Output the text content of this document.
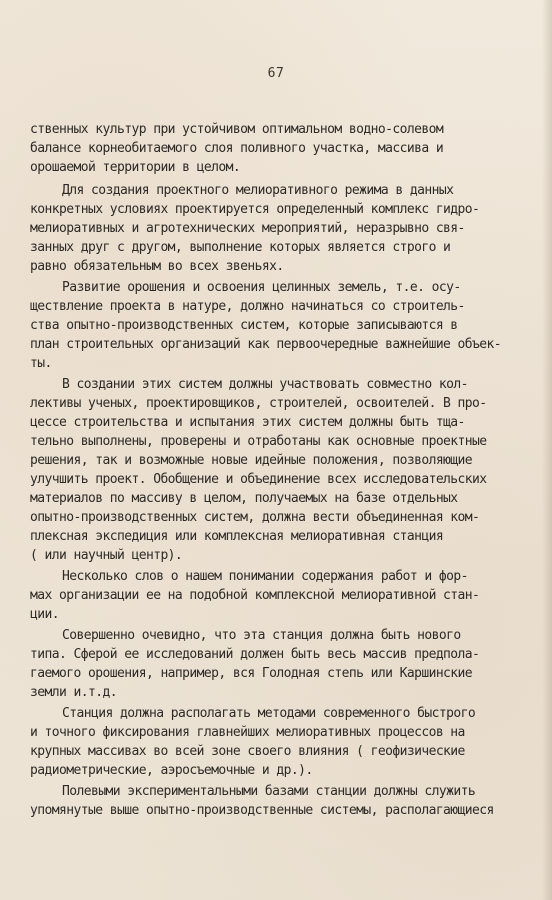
67
ственных культур при устойчивом оптимальном водно-солевом
балансе корнеобитаемого слоя поливного участка, массива и
орошаемой территории в целом.
Для создания проектного мелиоративного режима в данных
конкретных условиях проектируется определенный комплекс гидро-
мелиоративных и агротехнических мероприятий, неразрывно свя-
занных друг с другом, выполнение которых является строго и
равно обязательным во всех звеньях.
Развитие орошения и освоения целинных земель, т.е. осу-
ществление проекта в натуре, должно начинаться со строитель-
ства опытно-производственных систем, которые записываются в
план строительных организаций как первоочередные важнейшие объек-
ты.
В создании этих систем должны участвовать совместно кол-
лективы ученых, проектировщиков, строителей, освоителей. В про-
цессе строительства и испытания этих систем должны быть тща-
тельно выполнены, проверены и отработаны как основные проектные
решения, так и возможные новые идейные положения, позволяющие
улучшить проект. Обобщение и объединение всех исследовательских
материалов по массиву в целом, получаемых на базе отдельных
опытно-производственных систем, должна вести объединенная ком-
плексная экспедиция или комплексная мелиоративная станция
( или научный центр).
Несколько слов о нашем понимании содержания работ и фор-
мах организации ее на подобной комплексной мелиоративной стан-
ции.
Совершенно очевидно, что эта станция должна быть нового
типа. Сферой ее исследований должен быть весь массив предпола-
гаемого орошения, например, вся Голодная степь или Каршинские
земли и.т.д.
Станция должна располагать методами современного быстрого
и точного фиксирования главнейших мелиоративных процессов на
крупных массивах во всей зоне своего влияния ( геофизические
радиометрические, аэросъемочные и др.).
Полевыми экспериментальными базами станции должны служить
упомянутые выше опытно-производственные системы, располагающиеся
